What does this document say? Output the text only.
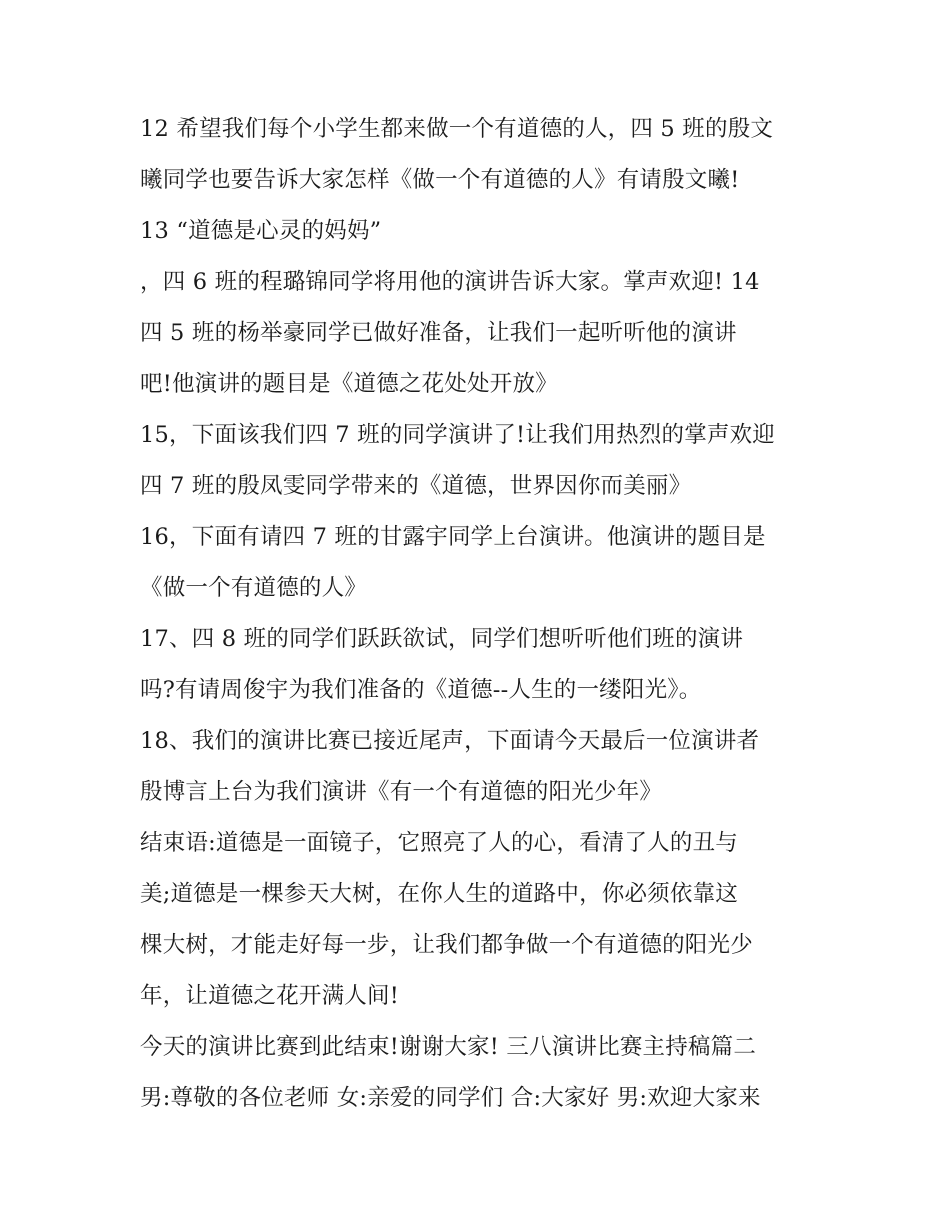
12 希望我们每个小学生都来做一个有道德的人，四 5 班的殷文
曦同学也要告诉大家怎样《做一个有道德的人》有请殷文曦!
13 “道德是心灵的妈妈”
，四 6 班的程璐锦同学将用他的演讲告诉大家。掌声欢迎! 14
四 5 班的杨举豪同学已做好准备，让我们一起听听他的演讲
吧!他演讲的题目是《道德之花处处开放》
15，下面该我们四 7 班的同学演讲了!让我们用热烈的掌声欢迎
四 7 班的殷凤雯同学带来的《道德，世界因你而美丽》
16，下面有请四 7 班的甘露宇同学上台演讲。他演讲的题目是
《做一个有道德的人》
17、四 8 班的同学们跃跃欲试，同学们想听听他们班的演讲
吗?有请周俊宇为我们准备的《道德--人生的一缕阳光》。
18、我们的演讲比赛已接近尾声，下面请今天最后一位演讲者
殷博言上台为我们演讲《有一个有道德的阳光少年》
结束语:道德是一面镜子，它照亮了人的心，看清了人的丑与
美;道德是一棵参天大树，在你人生的道路中，你必须依靠这
棵大树，才能走好每一步，让我们都争做一个有道德的阳光少
年，让道德之花开满人间!
今天的演讲比赛到此结束!谢谢大家! 三八演讲比赛主持稿篇二
男:尊敬的各位老师 女:亲爱的同学们 合:大家好 男:欢迎大家来
